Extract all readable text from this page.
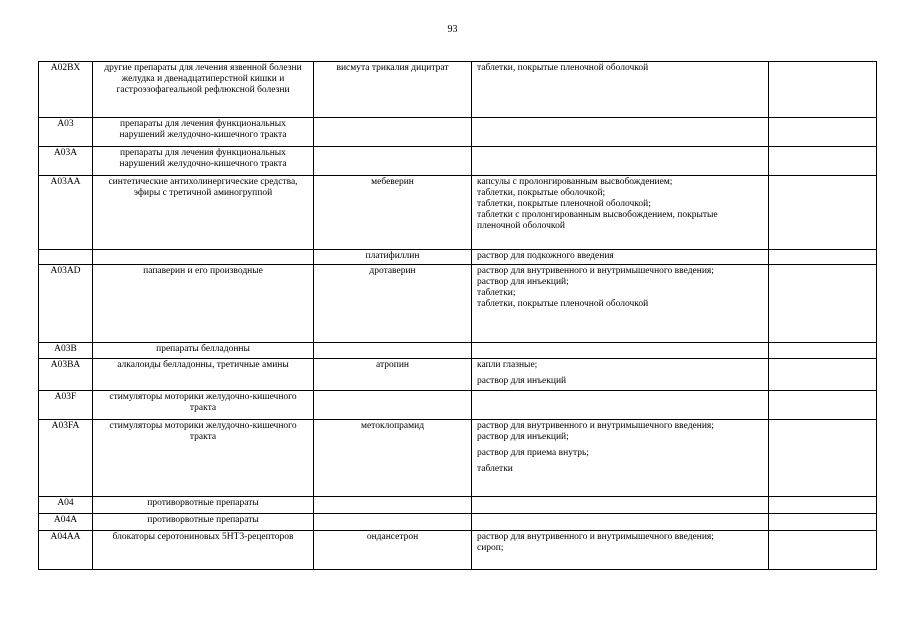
93
A02BX	другие препараты для лечения язвенной болезни желудка и двенадцатиперстной кишки и гастроэзофагеальной рефлюксной болезни	висмута трикалия дицитрат	таблетки, покрытые пленочной оболочкой	

A03	препараты для лечения функциональных нарушений желудочно-кишечного тракта			
A03A	препараты для лечения функциональных нарушений желудочно-кишечного тракта			
A03AA	синтетические антихолинергические средства, эфиры с третичной аминогруппой	мебеверин	капсулы с пролонгированным высвобождением;
таблетки, покрытые оболочкой;
таблетки, покрытые пленочной оболочкой;
таблетки с пролонгированным высвобождением, покрытые пленочной оболочкой	

		платифиллин	раствор для подкожного введения	

A03AD	папаверин и его производные	дротаверин	раствор для внутривенного и внутримышечного введения;
раствор для инъекций;
таблетки;
таблетки, покрытые пленочной оболочкой	

A03B	препараты белладонны			
A03BA	алкалоиды белладонны, третичные амины	атропин	капли глазные;
раствор для инъекций	

A03F	стимуляторы моторики желудочно-кишечного тракта			
A03FA	стимуляторы моторики желудочно-кишечного тракта	метоклопрамид	раствор для внутривенного и внутримышечного введения;
раствор для инъекций;
раствор для приема внутрь;
таблетки	

A04	противорвотные препараты			
A04A	противорвотные препараты			
A04AA	блокаторы серотониновых 5HT3-рецепторов	ондансетрон	раствор для внутривенного и внутримышечного введения;
сироп;	
